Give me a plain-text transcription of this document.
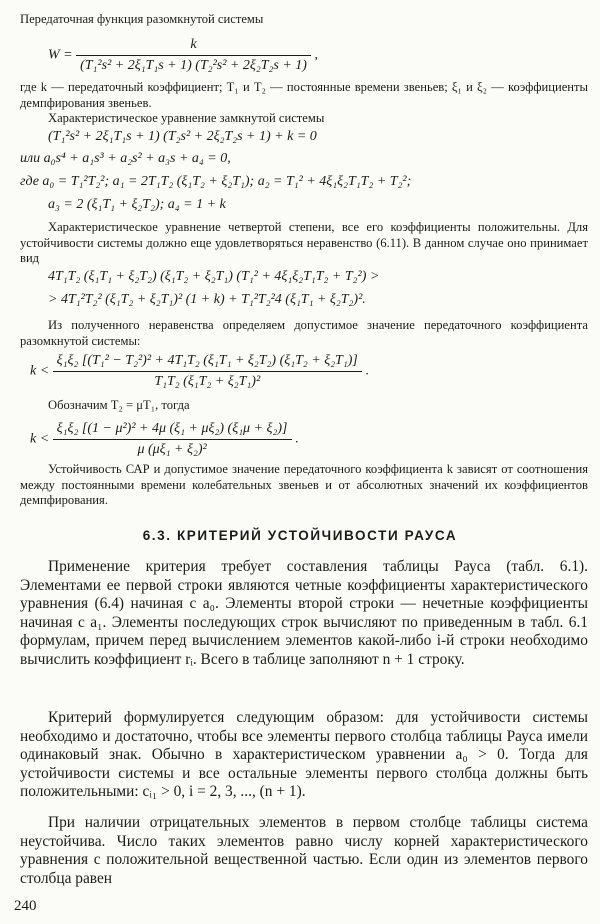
Передаточная функция разомкнутой системы
$W = \frac{k}{\text{(T₁²s² + 2ξ₁T₁s + 1) (T₂²s² + 2ξ₂T₂s + 1)}}$ ,
где k — передаточный коэффициент; T₁ и T₂ — постоянные времени звеньев; ξ₁ и ξ₂ — коэффициенты демпфирования звеньев.
Характеристическое уравнение замкнутой системы
(T₁²s² + 2ξ₁T₁s + 1) (T₂s² + 2ξ₂T₂s + 1) + k = 0
или a₀s⁴ + a₁s³ + a₂s² + a₃s + a₄ = 0,
где a₀ = T₁²T₂²; a₁ = 2T₁T₂ (ξ₁T₂ + ξ₂T₁); a₂ = T₁² + 4ξ₁ξ₂T₁T₂ + T₂²;
a₃ = 2 (ξ₁T₁ + ξ₂T₂); a₄ = 1 + k
Характеристическое уравнение четвертой степени, все его коэффициенты положительны. Для устойчивости системы должно еще удовлетворяться неравенство (6.11). В данном случае оно принимает вид
4T₁T₂ (ξ₁T₁ + ξ₂T₂) (ξ₁T₂ + ξ₂T₁) (T₁² + 4ξ₁ξ₂T₁T₂ + T₂²) >
> 4T₁²T₂² (ξ₁T₂ + ξ₂T₁)² (1 + k) + T₁²T₂²4 (ξ₁T₁ + ξ₂T₂)².
Из полученного неравенства определяем допустимое значение передаточного коэффициента разомкнутой системы:
$k < \frac{\text{ξ₁ξ₂ [(T₁² − T₂²)² + 4T₁T₂ (ξ₁T₁ + ξ₂T₂) (ξ₁T₂ + ξ₂T₁)]}}{\text{T₁T₂ (ξ₁T₂ + ξ₂T₁)²}}$ .
Обозначим T₂ = μT₁, тогда
$k < \frac{\text{ξ₁ξ₂ [(1 − μ²)² + 4μ (ξ₁ + μξ₂) (ξ₁μ + ξ₂)]}}{\text{μ (μξ₁ + ξ₂)²}}$ .
Устойчивость САР и допустимое значение передаточного коэффициента k зависят от соотношения между постоянными времени колебательных звеньев и от абсолютных значений их коэффициентов демпфирования.
6.3. КРИТЕРИЙ УСТОЙЧИВОСТИ РАУСА
Применение критерия требует составления таблицы Рауса (табл. 6.1). Элементами ее первой строки являются четные коэффициенты характеристического уравнения (6.4) начиная с a₀. Элементы второй строки — нечетные коэффициенты начиная с a₁. Элементы последующих строк вычисляют по приведенным в табл. 6.1 формулам, причем перед вычислением элементов какой-либо i-й строки необходимо вычислить коэффициент rᵢ. Всего в таблице заполняют n + 1 строку.
Критерий формулируется следующим образом: для устойчивости системы необходимо и достаточно, чтобы все элементы первого столбца таблицы Рауса имели одинаковый знак. Обычно в характеристическом уравнении a₀ > 0. Тогда для устойчивости системы и все остальные элементы первого столбца должны быть положительными: cᵢ₁ > 0, i = 2, 3, ..., (n + 1).
При наличии отрицательных элементов в первом столбце таблицы система неустойчива. Число таких элементов равно числу корней характеристического уравнения с положительной вещественной частью. Если один из элементов первого столбца равен
240
